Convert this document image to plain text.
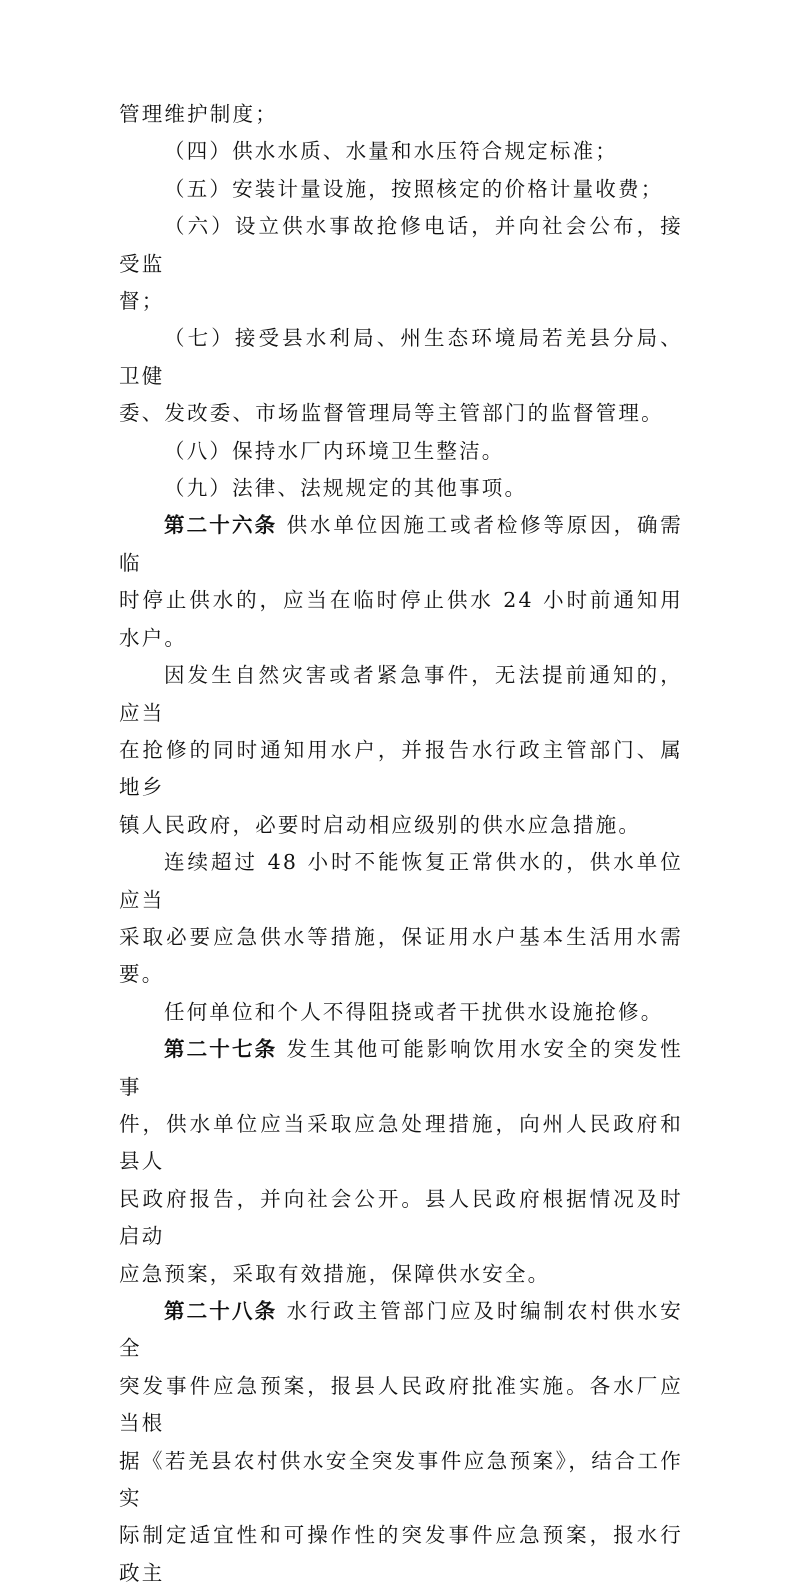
管理维护制度；
（四）供水水质、水量和水压符合规定标准；
（五）安装计量设施，按照核定的价格计量收费；
（六）设立供水事故抢修电话，并向社会公布，接受监
督；
（七）接受县水利局、州生态环境局若羌县分局、卫健
委、发改委、市场监督管理局等主管部门的监督管理。
（八）保持水厂内环境卫生整洁。
（九）法律、法规规定的其他事项。
第二十六条 供水单位因施工或者检修等原因，确需临
时停止供水的，应当在临时停止供水 24 小时前通知用水户。
因发生自然灾害或者紧急事件，无法提前通知的，应当
在抢修的同时通知用水户，并报告水行政主管部门、属地乡
镇人民政府，必要时启动相应级别的供水应急措施。
连续超过 48 小时不能恢复正常供水的，供水单位应当
采取必要应急供水等措施，保证用水户基本生活用水需要。
任何单位和个人不得阻挠或者干扰供水设施抢修。
第二十七条 发生其他可能影响饮用水安全的突发性事
件，供水单位应当采取应急处理措施，向州人民政府和县人
民政府报告，并向社会公开。县人民政府根据情况及时启动
应急预案，采取有效措施，保障供水安全。
第二十八条 水行政主管部门应及时编制农村供水安全
突发事件应急预案，报县人民政府批准实施。各水厂应当根
据《若羌县农村供水安全突发事件应急预案》，结合工作实
际制定适宜性和可操作性的突发事件应急预案，报水行政主
